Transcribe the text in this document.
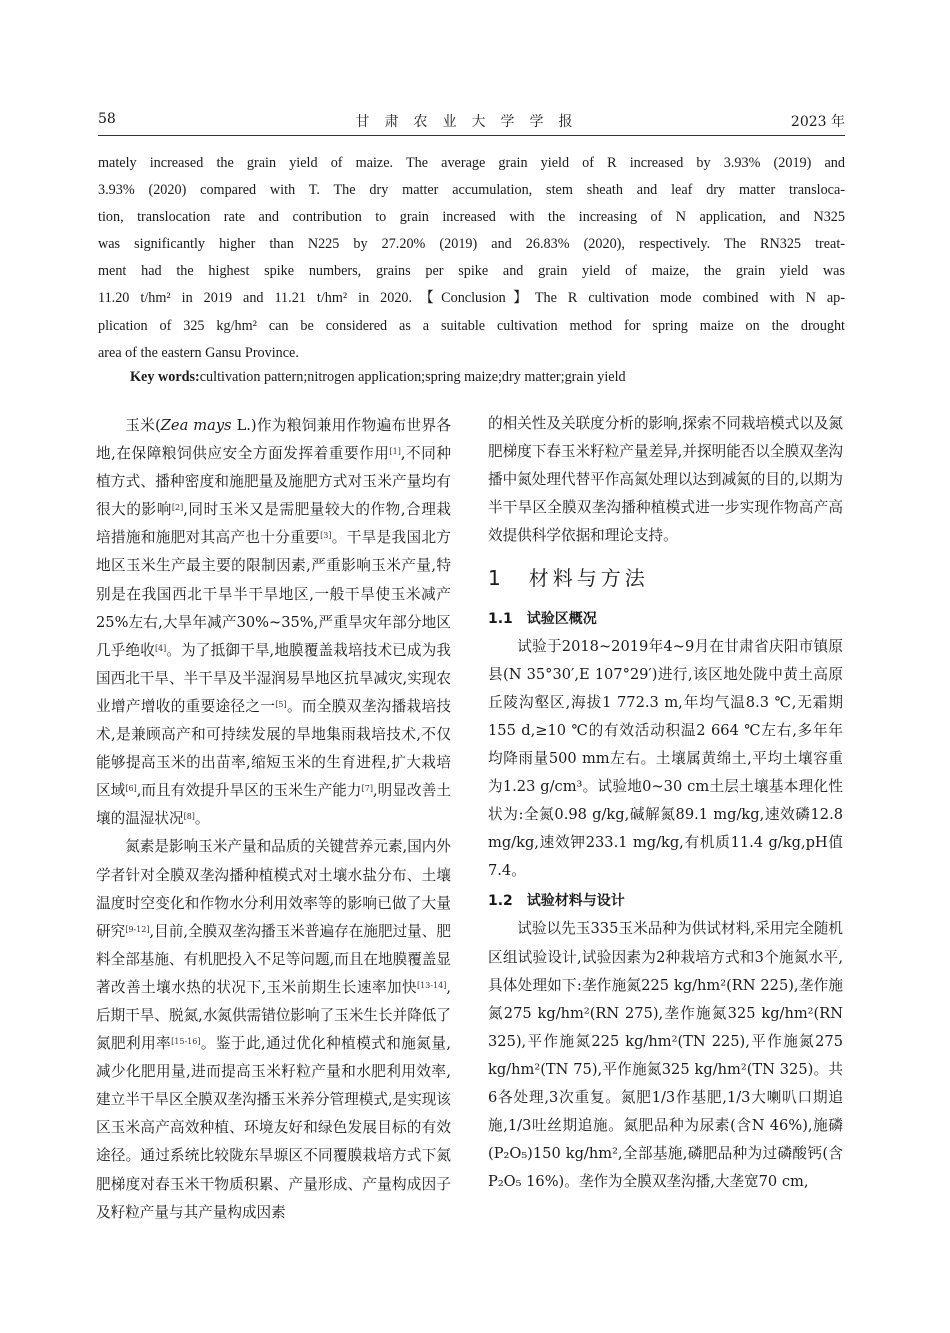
58	甘肃农业大学学报	2023 年
mately increased the grain yield of maize. The average grain yield of R increased by 3.93% (2019) and
3.93% (2020) compared with T. The dry matter accumulation, stem sheath and leaf dry matter transloca-
tion, translocation rate and contribution to grain increased with the increasing of N application, and N325
was significantly higher than N225 by 27.20% (2019) and 26.83% (2020), respectively. The RN325 treat-
ment had the highest spike numbers, grains per spike and grain yield of maize, the grain yield was
11.20 t/hm² in 2019 and 11.21 t/hm² in 2020.【Conclusion】The R cultivation mode combined with N ap-
plication of 325 kg/hm² can be considered as a suitable cultivation method for spring maize on the drought
area of the eastern Gansu Province.
Key words:cultivation pattern;nitrogen application;spring maize;dry matter;grain yield

玉米(Zea mays L.)作为粮饲兼用作物遍布世界各地,在保障粮饲供应安全方面发挥着重要作用[1],不同种植方式、播种密度和施肥量及施肥方式对玉米产量均有很大的影响[2],同时玉米又是需肥量较大的作物,合理栽培措施和施肥对其高产也十分重要[3]。干旱是我国北方地区玉米生产最主要的限制因素,严重影响玉米产量,特别是在我国西北干旱半干旱地区,一般干旱使玉米减产25%左右,大旱年减产30%~35%,严重旱灾年部分地区几乎绝收[4]。为了抵御干旱,地膜覆盖栽培技术已成为我国西北干旱、半干旱及半湿润易旱地区抗旱减灾,实现农业增产增收的重要途径之一[5]。而全膜双垄沟播栽培技术,是兼顾高产和可持续发展的旱地集雨栽培技术,不仅能够提高玉米的出苗率,缩短玉米的生育进程,扩大栽培区域[6],而且有效提升旱区的玉米生产能力[7],明显改善土壤的温湿状况[8]。

氮素是影响玉米产量和品质的关键营养元素,国内外学者针对全膜双垄沟播种植模式对土壤水盐分布、土壤温度时空变化和作物水分利用效率等的影响已做了大量研究[9-12],目前,全膜双垄沟播玉米普遍存在施肥过量、肥料全部基施、有机肥投入不足等问题,而且在地膜覆盖显著改善土壤水热的状况下,玉米前期生长速率加快[13-14],后期干旱、脱氮,水氮供需错位影响了玉米生长并降低了氮肥利用率[15-16]。鉴于此,通过优化种植模式和施氮量,减少化肥用量,进而提高玉米籽粒产量和水肥利用效率,建立半干旱区全膜双垄沟播玉米养分管理模式,是实现该区玉米高产高效种植、环境友好和绿色发展目标的有效途径。通过系统比较陇东旱塬区不同覆膜栽培方式下氮肥梯度对春玉米干物质积累、产量形成、产量构成因子及籽粒产量与其产量构成因素

的相关性及关联度分析的影响,探索不同栽培模式以及氮肥梯度下春玉米籽粒产量差异,并探明能否以全膜双垄沟播中氮处理代替平作高氮处理以达到减氮的目的,以期为半干旱区全膜双垄沟播种植模式进一步实现作物高产高效提供科学依据和理论支持。

1　材料与方法
1.1　试验区概况

试验于2018~2019年4~9月在甘肃省庆阳市镇原县(N 35°30′,E 107°29′)进行,该区地处陇中黄土高原丘陵沟壑区,海拔1 772.3 m,年均气温8.3 ℃,无霜期155 d,≥10 ℃的有效活动积温2 664 ℃左右,多年年均降雨量500 mm左右。土壤属黄绵土,平均土壤容重为1.23 g/cm³。试验地0~30 cm土层土壤基本理化性状为:全氮0.98 g/kg,碱解氮89.1 mg/kg,速效磷12.8 mg/kg,速效钾233.1 mg/kg,有机质11.4 g/kg,pH值7.4。

1.2　试验材料与设计

试验以先玉335玉米品种为供试材料,采用完全随机区组试验设计,试验因素为2种栽培方式和3个施氮水平,具体处理如下:垄作施氮225 kg/hm²(RN 225),垄作施氮275 kg/hm²(RN 275),垄作施氮325 kg/hm²(RN 325),平作施氮225 kg/hm²(TN 225),平作施氮275 kg/hm²(TN 75),平作施氮325 kg/hm²(TN 325)。共6各处理,3次重复。氮肥1/3作基肥,1/3大喇叭口期追施,1/3吐丝期追施。氮肥品种为尿素(含N 46%),施磷(P₂O₅)150 kg/hm²,全部基施,磷肥品种为过磷酸钙(含P₂O₅ 16%)。垄作为全膜双垄沟播,大垄宽70 cm,
